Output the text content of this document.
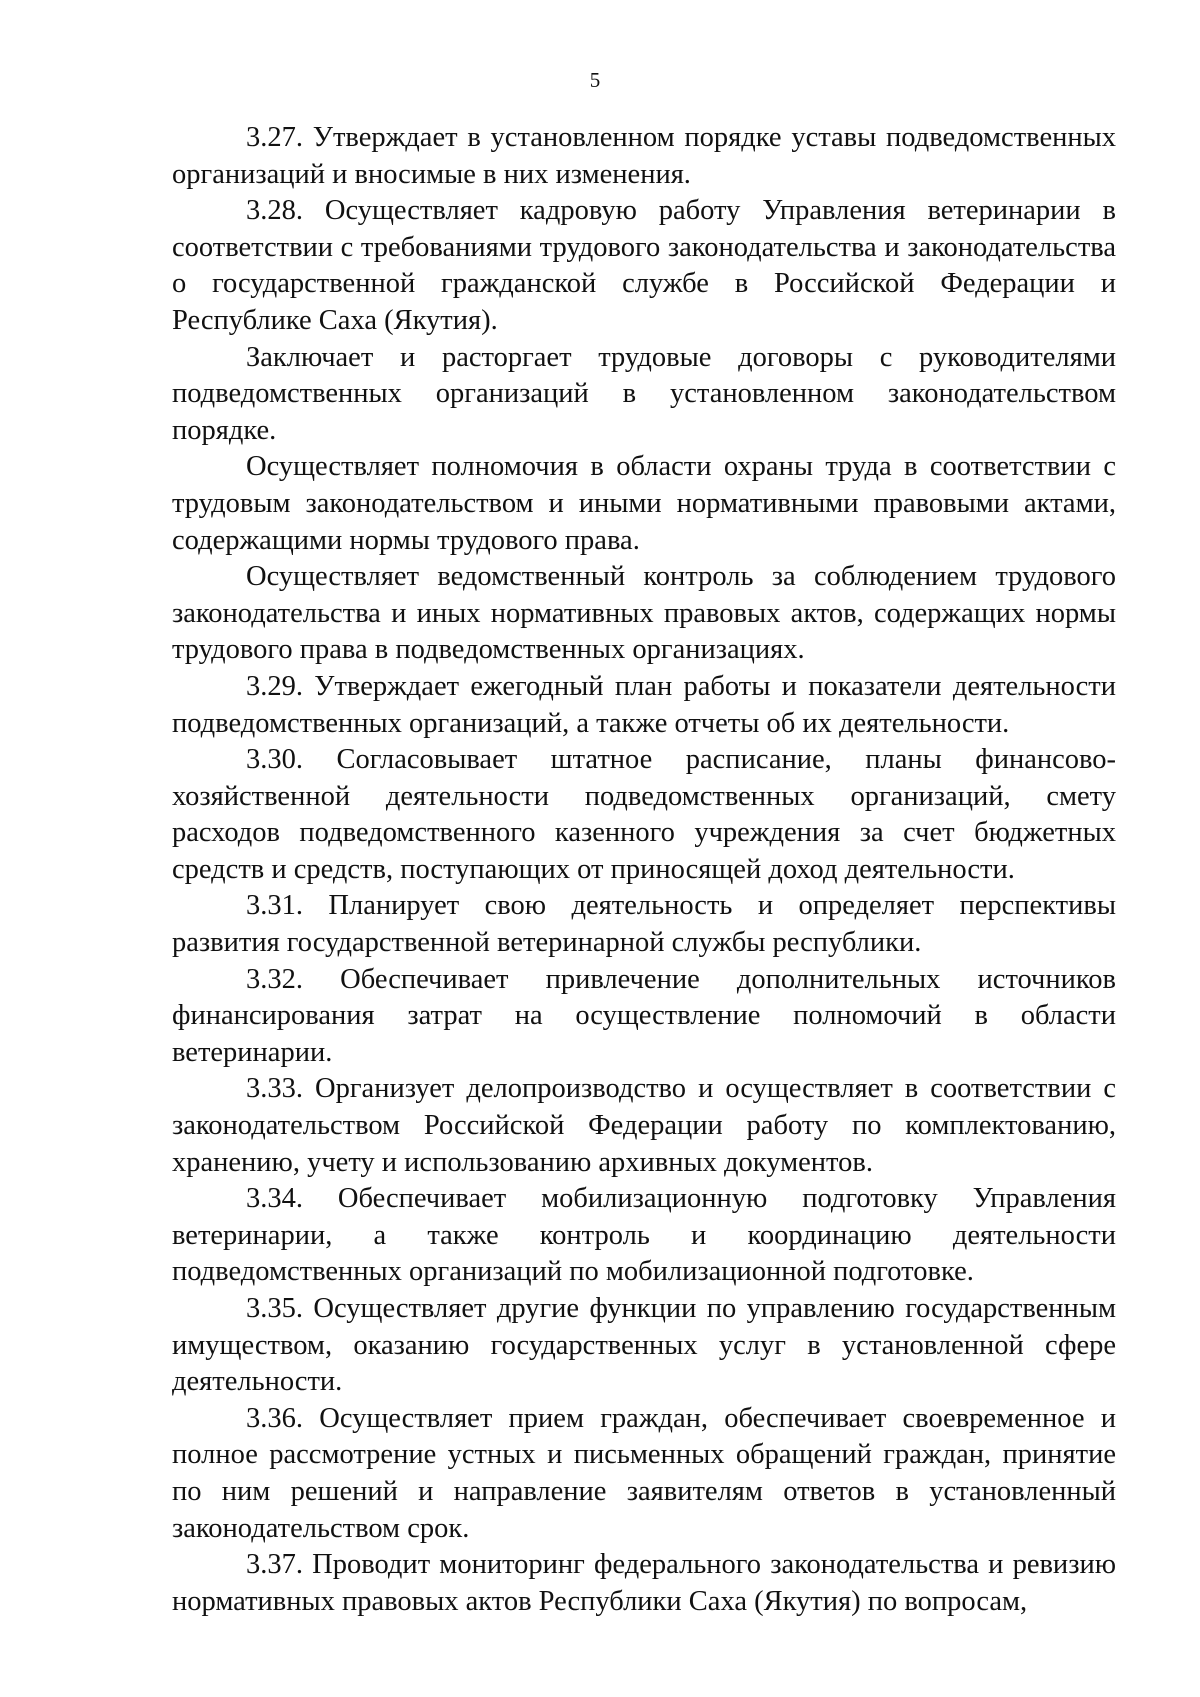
5

3.27. Утверждает в установленном порядке уставы подведомственных организаций и вносимые в них изменения.

3.28. Осуществляет кадровую работу Управления ветеринарии в соответствии с требованиями трудового законодательства и законодательства о государственной гражданской службе в Российской Федерации и Республике Саха (Якутия).

Заключает и расторгает трудовые договоры с руководителями подведомственных организаций в установленном законодательством порядке.

Осуществляет полномочия в области охраны труда в соответствии с трудовым законодательством и иными нормативными правовыми актами, содержащими нормы трудового права.

Осуществляет ведомственный контроль за соблюдением трудового законодательства и иных нормативных правовых актов, содержащих нормы трудового права в подведомственных организациях.

3.29. Утверждает ежегодный план работы и показатели деятельности подведомственных организаций, а также отчеты об их деятельности.

3.30. Согласовывает штатное расписание, планы финансово-хозяйственной деятельности подведомственных организаций, смету расходов подведомственного казенного учреждения за счет бюджетных средств и средств, поступающих от приносящей доход деятельности.

3.31. Планирует свою деятельность и определяет перспективы развития государственной ветеринарной службы республики.

3.32. Обеспечивает привлечение дополнительных источников финансирования затрат на осуществление полномочий в области ветеринарии.

3.33. Организует делопроизводство и осуществляет в соответствии с законодательством Российской Федерации работу по комплектованию, хранению, учету и использованию архивных документов.

3.34. Обеспечивает мобилизационную подготовку Управления ветеринарии, а также контроль и координацию деятельности подведомственных организаций по мобилизационной подготовке.

3.35. Осуществляет другие функции по управлению государственным имуществом, оказанию государственных услуг в установленной сфере деятельности.

3.36. Осуществляет прием граждан, обеспечивает своевременное и полное рассмотрение устных и письменных обращений граждан, принятие по ним решений и направление заявителям ответов в установленный законодательством срок.

3.37. Проводит мониторинг федерального законодательства и ревизию нормативных правовых актов Республики Саха (Якутия) по вопросам,
